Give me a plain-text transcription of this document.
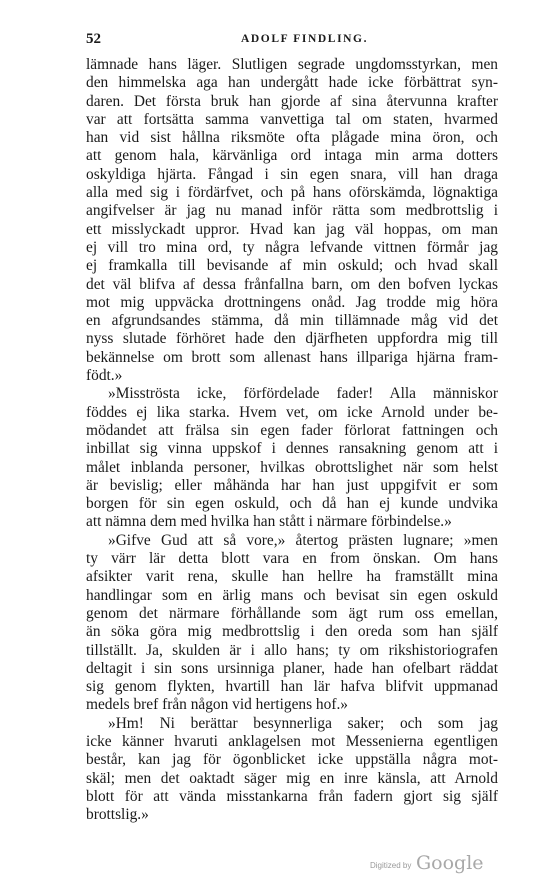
52	ADOLF FINDLING.
lämnade hans läger. Slutligen segrade ungdomsstyrkan, men
den himmelska aga han undergått hade icke förbättrat syn-
daren. Det första bruk han gjorde af sina återvunna krafter
var att fortsätta samma vanvettiga tal om staten, hvarmed
han vid sist hållna riksmöte ofta plågade mina öron, och
att genom hala, kärvänliga ord intaga min arma dotters
oskyldiga hjärta. Fångad i sin egen snara, vill han draga
alla med sig i fördärfvet, och på hans oförskämda, lögnaktiga
angifvelser är jag nu manad inför rätta som medbrottslig i
ett misslyckadt uppror. Hvad kan jag väl hoppas, om man
ej vill tro mina ord, ty några lefvande vittnen förmår jag
ej framkalla till bevisande af min oskuld; och hvad skall
det väl blifva af dessa frånfallna barn, om den bofven lyckas
mot mig uppväcka drottningens onåd. Jag trodde mig höra
en afgrundsandes stämma, då min tillämnade måg vid det
nyss slutade förhöret hade den djärfheten uppfordra mig till
bekännelse om brott som allenast hans illpariga hjärna fram-
födt.»
»Misströsta icke, förfördelade fader! Alla människor
föddes ej lika starka. Hvem vet, om icke Arnold under be-
mödandet att frälsa sin egen fader förlorat fattningen och
inbillat sig vinna uppskof i dennes ransakning genom att i
målet inblanda personer, hvilkas obrottslighet när som helst
är bevislig; eller måhända har han just uppgifvit er som
borgen för sin egen oskuld, och då han ej kunde undvika
att nämna dem med hvilka han stått i närmare förbindelse.»
»Gifve Gud att så vore,» återtog prästen lugnare; »men
ty värr lär detta blott vara en from önskan. Om hans
afsikter varit rena, skulle han hellre ha framställt mina
handlingar som en ärlig mans och bevisat sin egen oskuld
genom det närmare förhållande som ägt rum oss emellan,
än söka göra mig medbrottslig i den oreda som han själf
tillställt. Ja, skulden är i allo hans; ty om rikshistoriografen
deltagit i sin sons ursinniga planer, hade han ofelbart räddat
sig genom flykten, hvartill han lär hafva blifvit uppmanad
medels bref från någon vid hertigens hof.»
»Hm! Ni berättar besynnerliga saker; och som jag
icke känner hvaruti anklagelsen mot Messenierna egentligen
består, kan jag för ögonblicket icke uppställa några mot-
skäl; men det oaktadt säger mig en inre känsla, att Arnold
blott för att vända misstankarna från fadern gjort sig själf
brottslig.»
Digitized by Google
